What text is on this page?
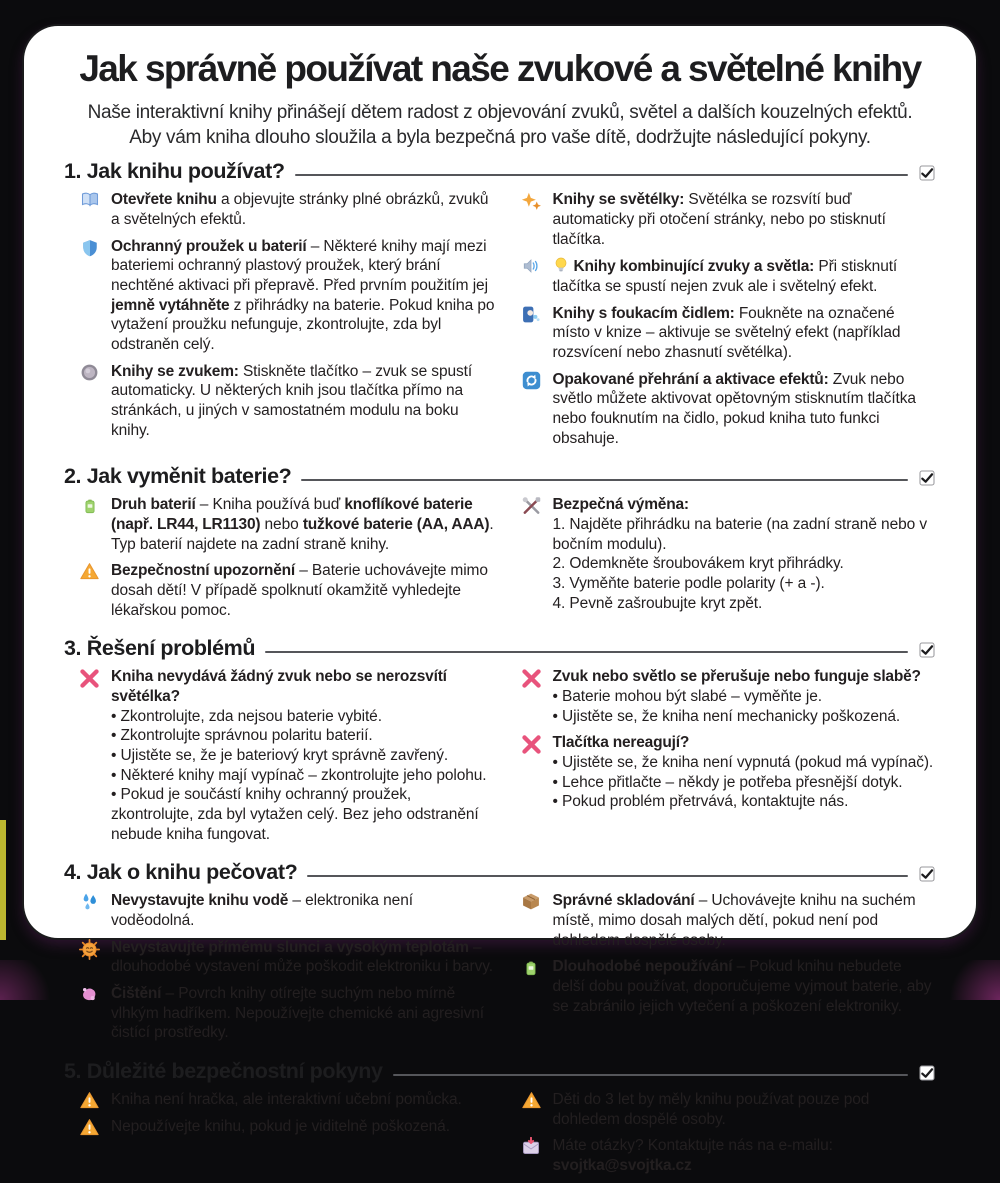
Jak správně používat naše zvukové a světelné knihy
Naše interaktivní knihy přinášejí dětem radost z objevování zvuků, světel a dalších kouzelných efektů.
Aby vám kniha dlouho sloužila a byla bezpečná pro vaše dítě, dodržujte následující pokyny.
1. Jak knihu používat?
Otevřete knihu a objevujte stránky plné obrázků, zvuků a světelných efektů.
Ochranný proužek u baterií – Některé knihy mají mezi bateriemi ochranný plastový proužek, který brání nechtěné aktivaci při přepravě. Před prvním použitím jej jemně vytáhněte z přihrádky na baterie. Pokud kniha po vytažení proužku nefunguje, zkontrolujte, zda byl odstraněn celý.
Knihy se zvukem: Stiskněte tlačítko – zvuk se spustí automaticky. U některých knih jsou tlačítka přímo na stránkách, u jiných v samostatném modulu na boku knihy.
Knihy se světélky: Světélka se rozsvítí buď automaticky při otočení stránky, nebo po stisknutí tlačítka.
Knihy kombinující zvuky a světla: Při stisknutí tlačítka se spustí nejen zvuk ale i světelný efekt.
Knihy s foukacím čidlem: Foukněte na označené místo v knize – aktivuje se světelný efekt (například rozsvícení nebo zhasnutí světélka).
Opakované přehrání a aktivace efektů: Zvuk nebo světlo můžete aktivovat opětovným stisknutím tlačítka nebo fouknutím na čidlo, pokud kniha tuto funkci obsahuje.
2. Jak vyměnit baterie?
Druh baterií – Kniha používá buď knoflíkové baterie (např. LR44, LR1130) nebo tužkové baterie (AA, AAA). Typ baterií najdete na zadní straně knihy.
Bezpečnostní upozornění – Baterie uchovávejte mimo dosah dětí! V případě spolknutí okamžitě vyhledejte lékařskou pomoc.
Bezpečná výměna:
1. Najděte přihrádku na baterie (na zadní straně nebo v bočním modulu).
2. Odemkněte šroubovákem kryt přihrádky.
3. Vyměňte baterie podle polarity (+ a -).
4. Pevně zašroubujte kryt zpět.
3. Řešení problémů
Kniha nevydává žádný zvuk nebo se nerozsvítí světélka?
• Zkontrolujte, zda nejsou baterie vybité.
• Zkontrolujte správnou polaritu baterií.
• Ujistěte se, že je bateriový kryt správně zavřený.
• Některé knihy mají vypínač – zkontrolujte jeho polohu.
• Pokud je součástí knihy ochranný proužek, zkontrolujte, zda byl vytažen celý. Bez jeho odstranění nebude kniha fungovat.
Zvuk nebo světlo se přerušuje nebo funguje slabě?
• Baterie mohou být slabé – vyměňte je.
• Ujistěte se, že kniha není mechanicky poškozená.
Tlačítka nereagují?
• Ujistěte se, že kniha není vypnutá (pokud má vypínač).
• Lehce přitlačte – někdy je potřeba přesnější dotyk.
• Pokud problém přetrvává, kontaktujte nás.
4. Jak o knihu pečovat?
Nevystavujte knihu vodě – elektronika není voděodolná.
Nevystavujte přímému slunci a vysokým teplotám – dlouhodobé vystavení může poškodit elektroniku i barvy.
Čištění – Povrch knihy otírejte suchým nebo mírně vlhkým hadříkem. Nepoužívejte chemické ani agresivní čistící prostředky.
Správné skladování – Uchovávejte knihu na suchém místě, mimo dosah malých dětí, pokud není pod dohledem dospělé osoby.
Dlouhodobé nepoužívání – Pokud knihu nebudete delší dobu používat, doporučujeme vyjmout baterie, aby se zabránilo jejich vytečení a poškození elektroniky.
5. Důležité bezpečnostní pokyny
Kniha není hračka, ale interaktivní učební pomůcka.
Nepoužívejte knihu, pokud je viditelně poškozená.
Děti do 3 let by měly knihu používat pouze pod dohledem dospělé osoby.
Máte otázky? Kontaktujte nás na e-mailu: svojtka@svojtka.cz
